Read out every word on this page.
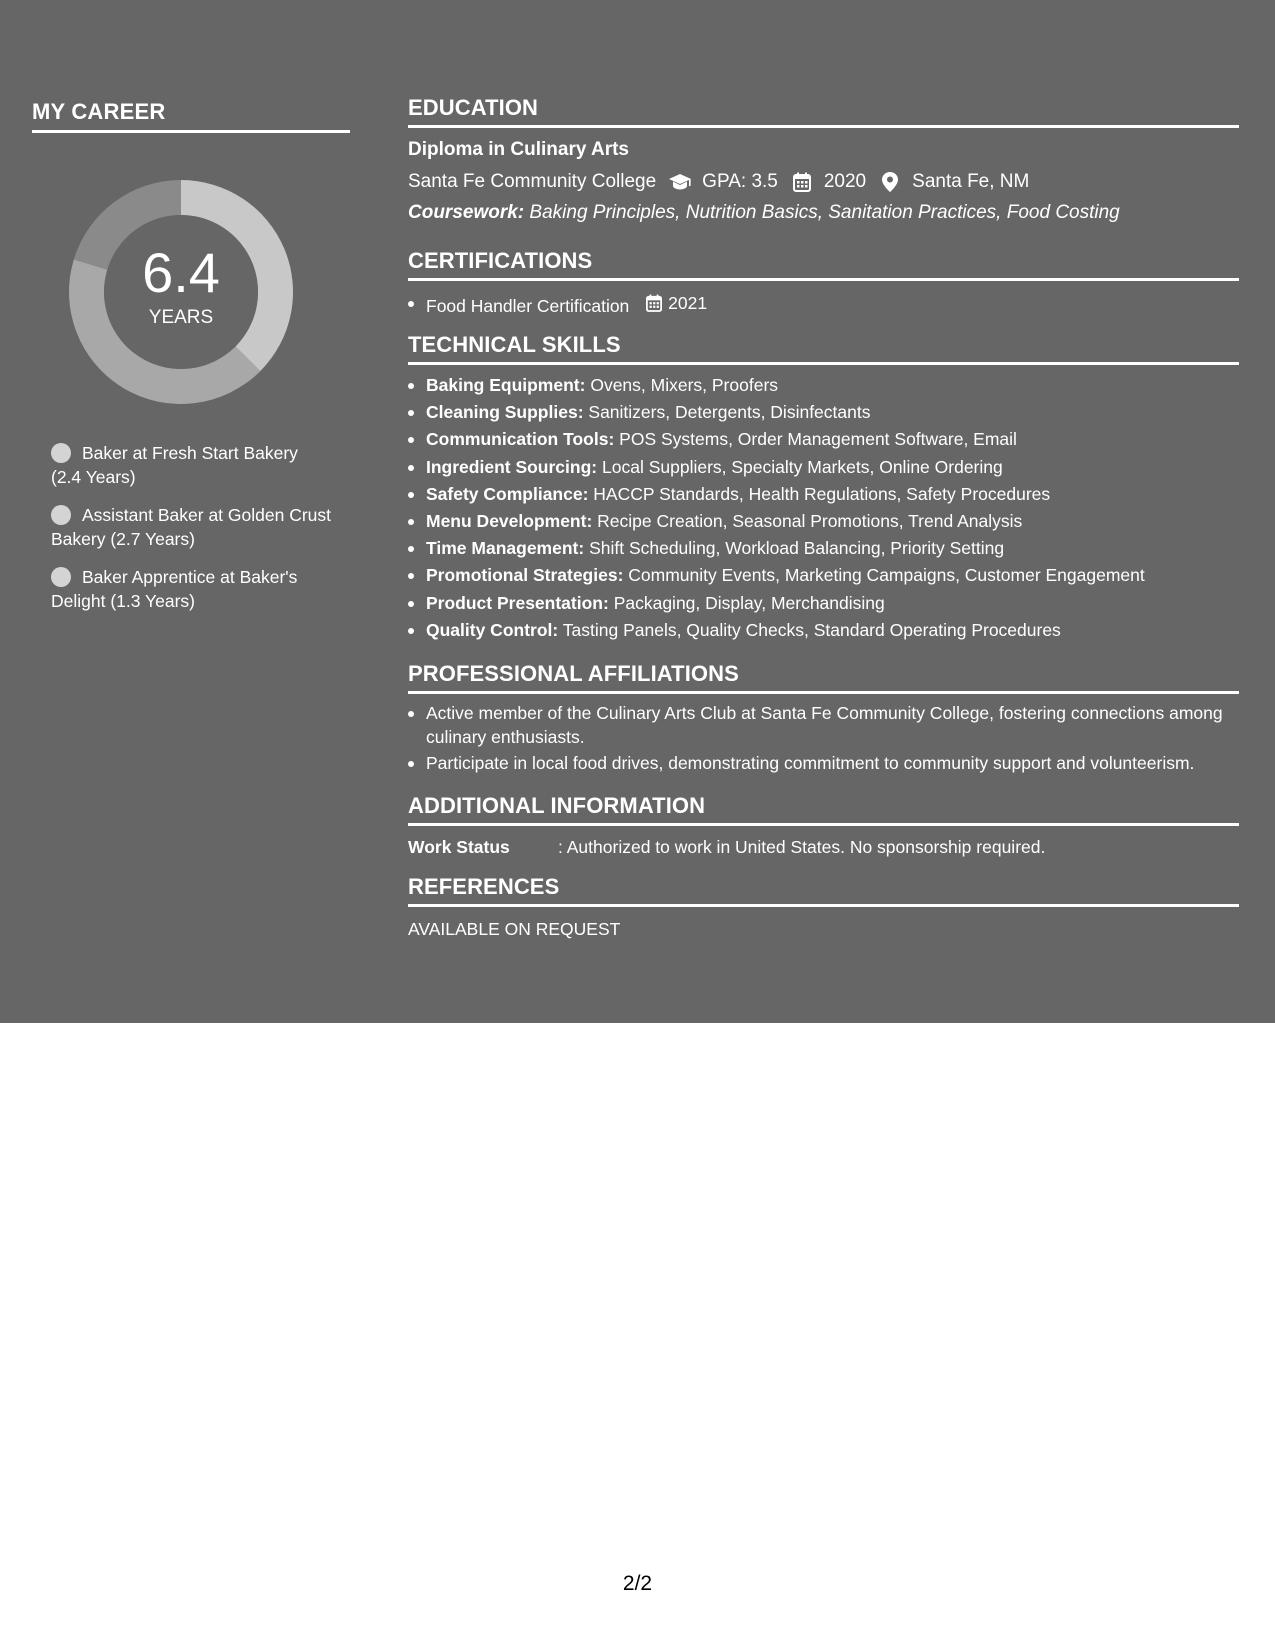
MY CAREER
6.4
YEARS
Baker at Fresh Start Bakery (2.4 Years)
Assistant Baker at Golden Crust Bakery (2.7 Years)
Baker Apprentice at Baker's Delight (1.3 Years)
EDUCATION
Diploma in Culinary Arts
Santa Fe Community College GPA: 3.5 2020 Santa Fe, NM
Coursework: Baking Principles, Nutrition Basics, Sanitation Practices, Food Costing
CERTIFICATIONS
Food Handler Certification 2021
TECHNICAL SKILLS
Baking Equipment: Ovens, Mixers, Proofers
Cleaning Supplies: Sanitizers, Detergents, Disinfectants
Communication Tools: POS Systems, Order Management Software, Email
Ingredient Sourcing: Local Suppliers, Specialty Markets, Online Ordering
Safety Compliance: HACCP Standards, Health Regulations, Safety Procedures
Menu Development: Recipe Creation, Seasonal Promotions, Trend Analysis
Time Management: Shift Scheduling, Workload Balancing, Priority Setting
Promotional Strategies: Community Events, Marketing Campaigns, Customer Engagement
Product Presentation: Packaging, Display, Merchandising
Quality Control: Tasting Panels, Quality Checks, Standard Operating Procedures
PROFESSIONAL AFFILIATIONS
Active member of the Culinary Arts Club at Santa Fe Community College, fostering connections among culinary enthusiasts.
Participate in local food drives, demonstrating commitment to community support and volunteerism.
ADDITIONAL INFORMATION
Work Status	: Authorized to work in United States. No sponsorship required.
REFERENCES
AVAILABLE ON REQUEST
2/2
